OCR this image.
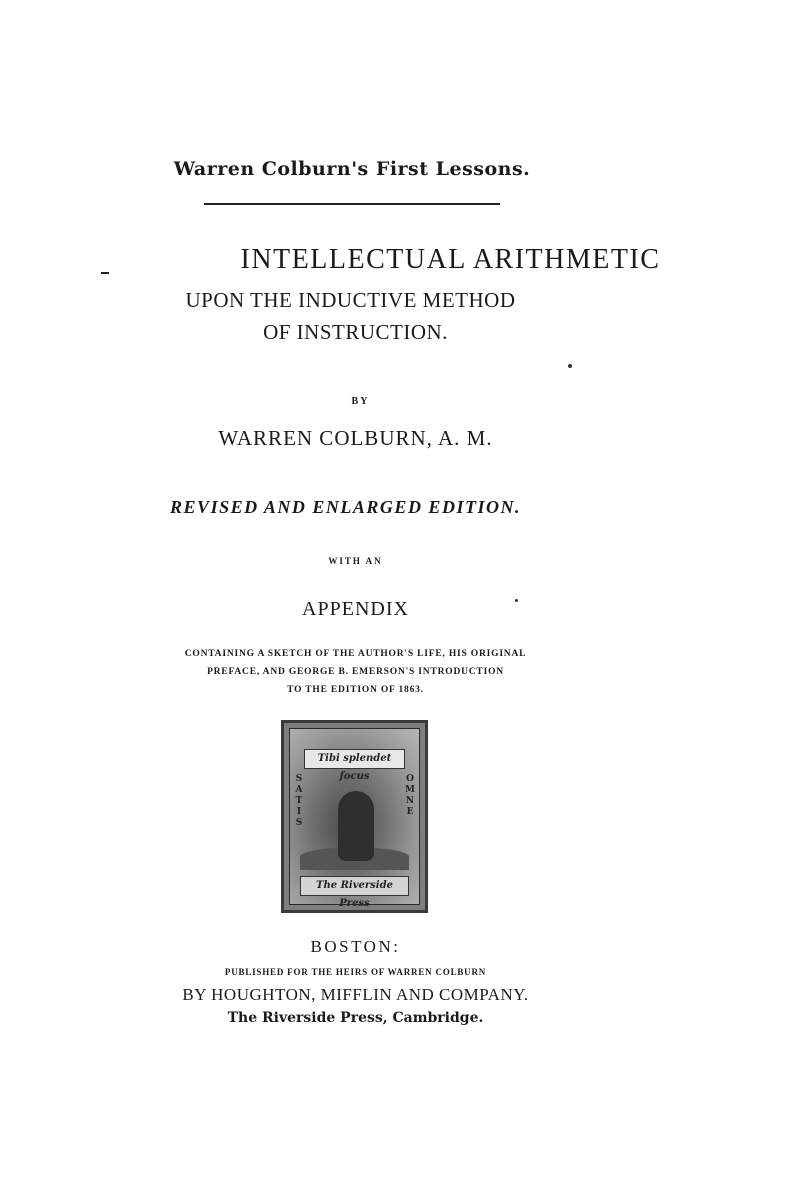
Warren Colburn's First Lessons.
INTELLECTUAL ARITHMETIC
UPON THE INDUCTIVE METHOD
OF INSTRUCTION.
BY
WARREN COLBURN, A. M.
REVISED AND ENLARGED EDITION.
WITH AN
APPENDIX
CONTAINING A SKETCH OF THE AUTHOR'S LIFE, HIS ORIGINAL
PREFACE, AND GEORGE B. EMERSON'S INTRODUCTION
TO THE EDITION OF 1863.
Tibi splendet focus
S A T I S
O M N E
The Riverside Press
BOSTON:
PUBLISHED FOR THE HEIRS OF WARREN COLBURN
BY HOUGHTON, MIFFLIN AND COMPANY.
The Riverside Press, Cambridge.
